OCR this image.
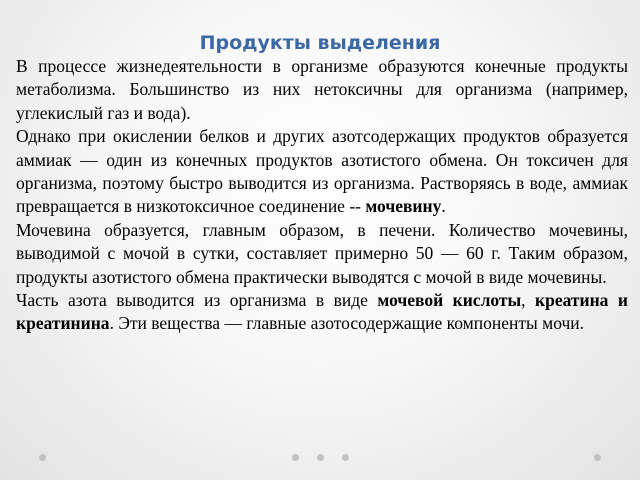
Продукты выделения

В процессе жизнедеятельности в организме образуются конечные продукты метаболизма. Большинство из них нетоксичны для организма (например, углекислый газ и вода).

Однако при окислении белков и других азотсодержащих продуктов образуется аммиак — один из конечных продуктов азотистого обмена. Он токсичен для организма, поэтому быстро выводится из организма. Растворяясь в воде, аммиак превращается в низкотоксичное соединение -- мочевину.

Мочевина образуется, главным образом, в печени. Количество мочевины, выводимой с мочой в сутки, составляет примерно 50 — 60 г. Таким образом, продукты азотистого обмена практически выводятся с мочой в виде мочевины.

Часть азота выводится из организма в виде мочевой кислоты, креатина и креатинина. Эти вещества — главные азотосодержащие компоненты мочи.
